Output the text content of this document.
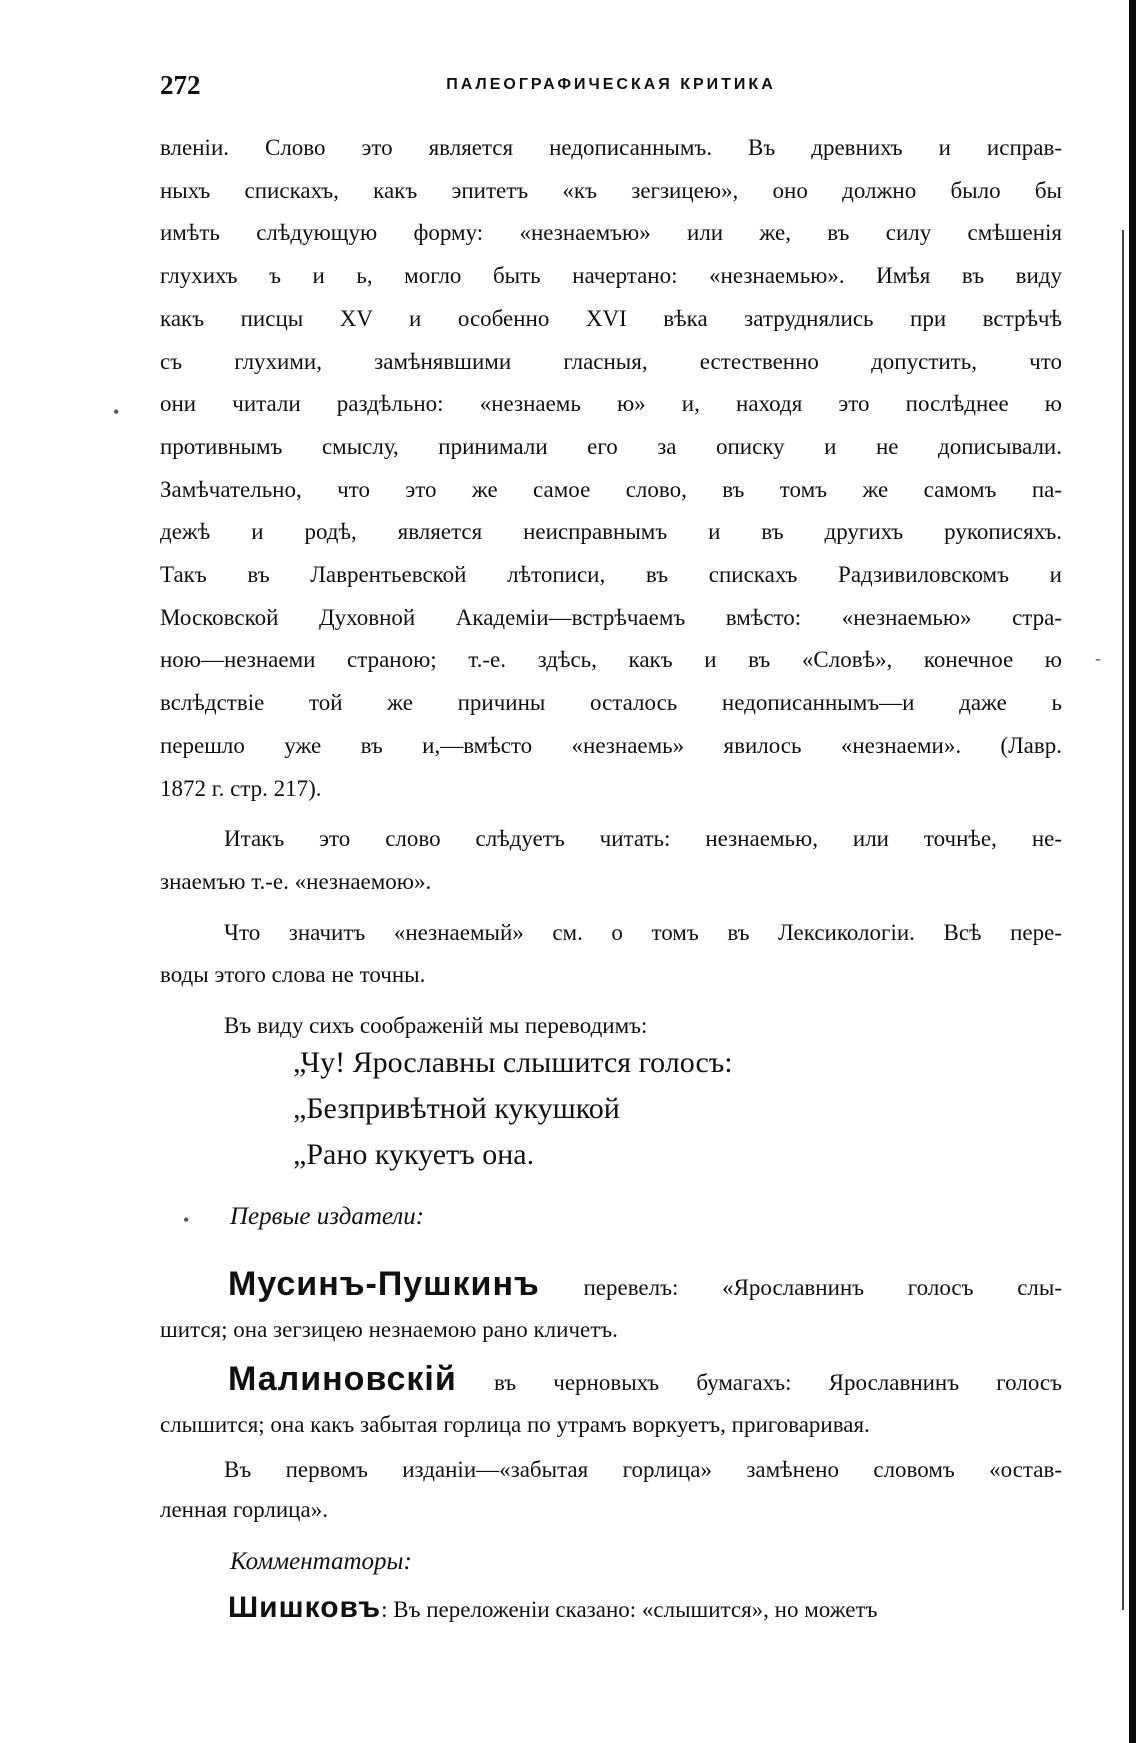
272	ПАЛЕОГРАФИЧЕСКАЯ КРИТИКА
вленіи. Слово это является недописаннымъ. Въ древнихъ и исправ-
ныхъ спискахъ, какъ эпитетъ «къ зегзицею», оно должно было бы
имѣть слѣдующую форму: «незнаемъю» или же, въ силу смѣшенія
глухихъ ъ и ь, могло быть начертано: «незнаемью». Имѣя въ виду
какъ писцы XV и особенно XVI вѣка затруднялись при встрѣчѣ
съ глухими, замѣнявшими гласныя, естественно допустить, что
они читали раздѣльно: «незнаемь ю» и, находя это послѣднее ю
противнымъ смыслу, принимали его за описку и не дописывали.
Замѣчательно, что это же самое слово, въ томъ же самомъ па-
дежѣ и родѣ, является неисправнымъ и въ другихъ рукописяхъ.
Такъ въ Лаврентьевской лѣтописи, въ спискахъ Радзивиловскомъ и
Московской Духовной Академіи—встрѣчаемъ вмѣсто: «незнаемью» стра-
ною—незнаеми страною; т.-е. здѣсь, какъ и въ «Словѣ», конечное ю
вслѣдствіе той же причины осталось недописаннымъ—и даже ь
перешло уже въ и,—вмѣсто «незнаемь» явилось «незнаеми». (Лавр.
1872 г. стр. 217).
Итакъ это слово слѣдуетъ читать: незнаемью, или точнѣе, не-
знаемъю т.-е. «незнаемою».
Что значитъ «незнаемый» см. о томъ въ Лексикологіи. Всѣ пере-
воды этого слова не точны.
Въ виду сихъ соображеній мы переводимъ:
„Чу! Ярославны слышится голосъ:
„Безпривѣтной кукушкой
„Рано кукуетъ она.
Первые издатели:
Мусинъ-Пушкинъ перевелъ: «Ярославнинъ голосъ слы-
шится; она зегзицею незнаемою рано кличетъ.
Малиновскій въ черновыхъ бумагахъ: Ярославнинъ голосъ
слышится; она какъ забытая горлица по утрамъ воркуетъ, приговаривая.
Въ первомъ изданіи—«забытая горлица» замѣнено словомъ «остав-
ленная горлица».
Комментаторы:
Шишковъ: Въ переложеніи сказано: «слышится», но можетъ
•
•
-
